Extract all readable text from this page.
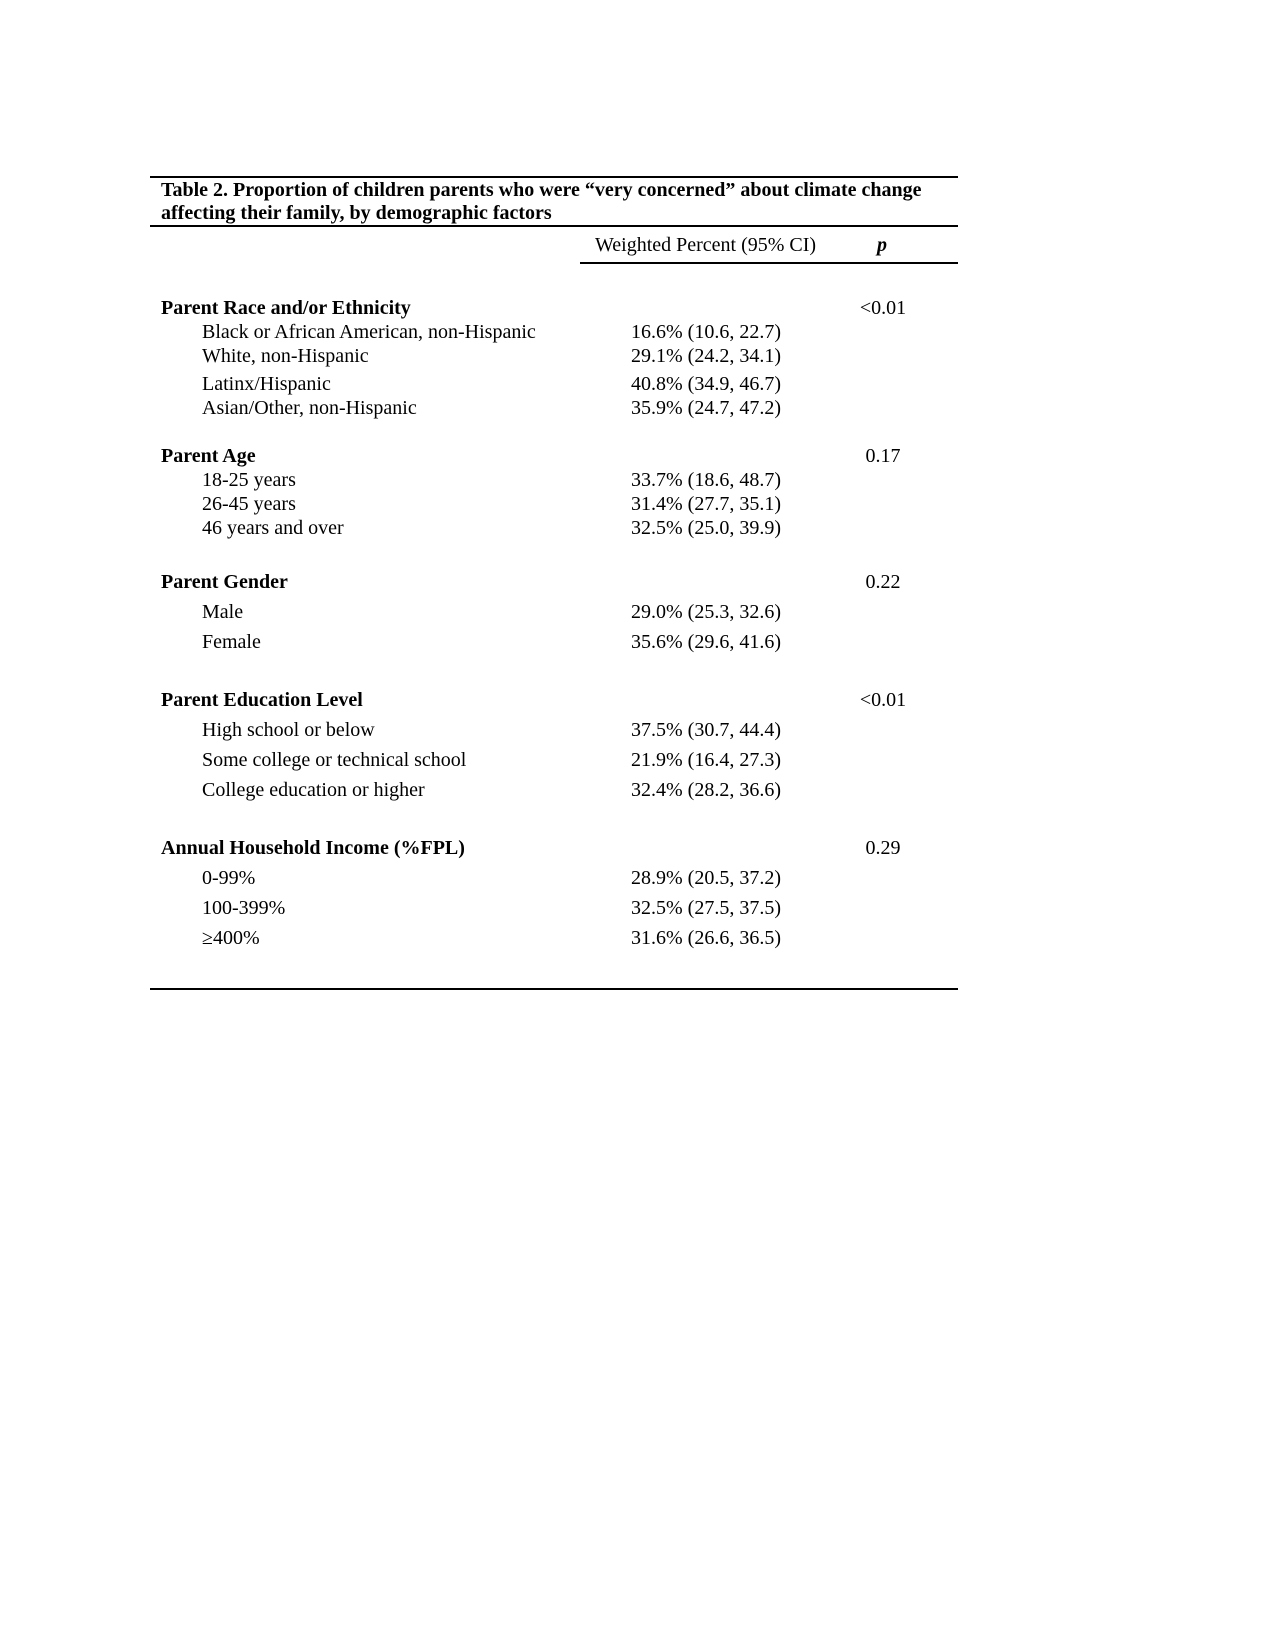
Table 2. Proportion of children parents who were “very concerned” about climate change affecting their family, by demographic factors
Weighted Percent (95% CI)	p
Parent Race and/or Ethnicity	<0.01
Black or African American, non-Hispanic	16.6% (10.6, 22.7)
White, non-Hispanic	29.1% (24.2, 34.1)
Latinx/Hispanic	40.8% (34.9, 46.7)
Asian/Other, non-Hispanic	35.9% (24.7, 47.2)
Parent Age	0.17
18-25 years	33.7% (18.6, 48.7)
26-45 years	31.4% (27.7, 35.1)
46 years and over	32.5% (25.0, 39.9)
Parent Gender	0.22
Male	29.0% (25.3, 32.6)
Female	35.6% (29.6, 41.6)
Parent Education Level	<0.01
High school or below	37.5% (30.7, 44.4)
Some college or technical school	21.9% (16.4, 27.3)
College education or higher	32.4% (28.2, 36.6)
Annual Household Income (%FPL)	0.29
0-99%	28.9% (20.5, 37.2)
100-399%	32.5% (27.5, 37.5)
≥400%	31.6% (26.6, 36.5)
